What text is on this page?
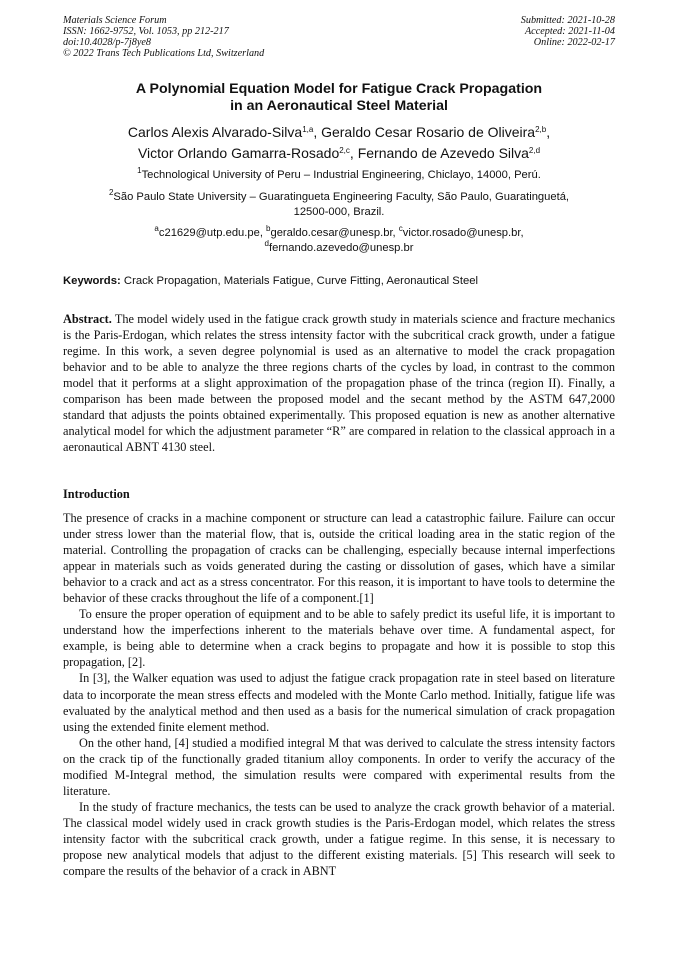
Materials Science Forum
ISSN: 1662-9752, Vol. 1053, pp 212-217
doi:10.4028/p-7j8ye8
© 2022 Trans Tech Publications Ltd, Switzerland
Submitted: 2021-10-28
Accepted: 2021-11-04
Online: 2022-02-17
A Polynomial Equation Model for Fatigue Crack Propagation
in an Aeronautical Steel Material
Carlos Alexis Alvarado-Silva$^{1,a}$, Geraldo Cesar Rosario de Oliveira$^{2,b}$,
Victor Orlando Gamarra-Rosado$^{2,c}$, Fernando de Azevedo Silva$^{2,d}$
$^1$Technological University of Peru – Industrial Engineering, Chiclayo, 14000, Perú.
$^2$São Paulo State University – Guaratingueta Engineering Faculty, São Paulo, Guaratinguetá,
12500-000, Brazil.
$^a$c21629@utp.edu.pe, $^b$geraldo.cesar@unesp.br, $^c$victor.rosado@unesp.br,
$^d$fernando.azevedo@unesp.br
Keywords: Crack Propagation, Materials Fatigue, Curve Fitting, Aeronautical Steel
Abstract. The model widely used in the fatigue crack growth study in materials science and fracture mechanics is the Paris-Erdogan, which relates the stress intensity factor with the subcritical crack growth, under a fatigue regime. In this work, a seven degree polynomial is used as an alternative to model the crack propagation behavior and to be able to analyze the three regions charts of the cycles by load, in contrast to the common model that it performs at a slight approximation of the propagation phase of the trinca (region II). Finally, a comparison has been made between the proposed model and the secant method by the ASTM 647,2000 standard that adjusts the points obtained experimentally. This proposed equation is new as another alternative analytical model for which the adjustment parameter “R” are compared in relation to the classical approach in a aeronautical ABNT 4130 steel.
Introduction

The presence of cracks in a machine component or structure can lead a catastrophic failure. Failure can occur under stress lower than the material flow, that is, outside the critical loading area in the static region of the material. Controlling the propagation of cracks can be challenging, especially because internal imperfections appear in materials such as voids generated during the casting or dissolution of gases, which have a similar behavior to a crack and act as a stress concentrator. For this reason, it is important to have tools to determine the behavior of these cracks throughout the life of a component.[1]

To ensure the proper operation of equipment and to be able to safely predict its useful life, it is important to understand how the imperfections inherent to the materials behave over time. A fundamental aspect, for example, is being able to determine when a crack begins to propagate and how it is possible to stop this propagation, [2].

In [3], the Walker equation was used to adjust the fatigue crack propagation rate in steel based on literature data to incorporate the mean stress effects and modeled with the Monte Carlo method. Initially, fatigue life was evaluated by the analytical method and then used as a basis for the numerical simulation of crack propagation using the extended finite element method.

On the other hand, [4] studied a modified integral M that was derived to calculate the stress intensity factors on the crack tip of the functionally graded titanium alloy components. In order to verify the accuracy of the modified M-Integral method, the simulation results were compared with experimental results from the literature.

In the study of fracture mechanics, the tests can be used to analyze the crack growth behavior of a material. The classical model widely used in crack growth studies is the Paris-Erdogan model, which relates the stress intensity factor with the subcritical crack growth, under a fatigue regime. In this sense, it is necessary to propose new analytical models that adjust to the different existing materials. [5] This research will seek to compare the results of the behavior of a crack in ABNT
